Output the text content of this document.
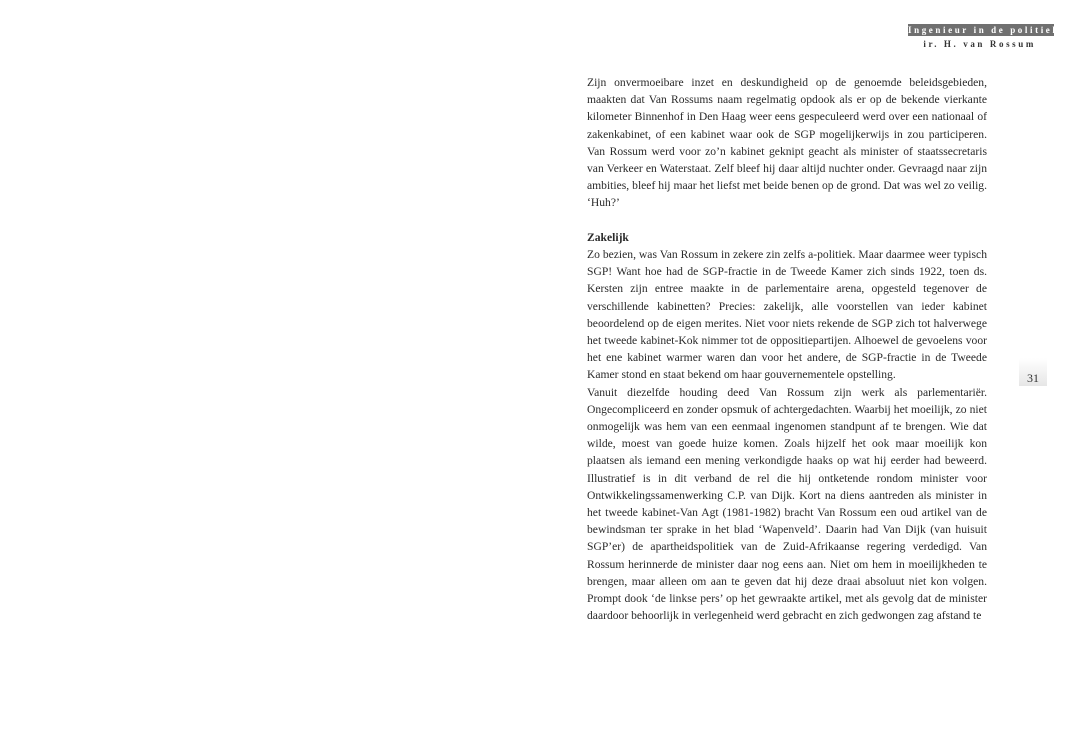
Ingenieur in de politiek
ir. H. van Rossum
31

Zijn onvermoeibare inzet en deskundigheid op de genoemde beleidsgebieden, maakten dat Van Rossums naam regelmatig opdook als er op de bekende vierkante kilometer Binnenhof in Den Haag weer eens gespeculeerd werd over een nationaal of zakenkabinet, of een kabinet waar ook de SGP mogelijkerwijs in zou participeren. Van Rossum werd voor zo’n kabinet geknipt geacht als minister of staatssecretaris van Verkeer en Waterstaat. Zelf bleef hij daar altijd nuchter onder. Gevraagd naar zijn ambities, bleef hij maar het liefst met beide benen op de grond. Dat was wel zo veilig. ‘Huh?’

Zakelijk

Zo bezien, was Van Rossum in zekere zin zelfs a-politiek. Maar daarmee weer typisch SGP! Want hoe had de SGP-fractie in de Tweede Kamer zich sinds 1922, toen ds. Kersten zijn entree maakte in de parlementaire arena, opgesteld tegenover de verschillende kabinetten? Precies: zakelijk, alle voorstellen van ieder kabinet beoordelend op de eigen merites. Niet voor niets rekende de SGP zich tot halverwege het tweede kabinet-Kok nimmer tot de oppositiepartijen. Alhoewel de gevoelens voor het ene kabinet warmer waren dan voor het andere, de SGP-fractie in de Tweede Kamer stond en staat bekend om haar gouvernementele opstelling.

Vanuit diezelfde houding deed Van Rossum zijn werk als parlementariër. Ongecompliceerd en zonder opsmuk of achtergedachten. Waarbij het moeilijk, zo niet onmogelijk was hem van een eenmaal ingenomen standpunt af te brengen. Wie dat wilde, moest van goede huize komen. Zoals hijzelf het ook maar moeilijk kon plaatsen als iemand een mening verkondigde haaks op wat hij eerder had beweerd. Illustratief is in dit verband de rel die hij ontketende rondom minister voor Ontwikkelingssamenwerking C.P. van Dijk. Kort na diens aantreden als minister in het tweede kabinet-Van Agt (1981-1982) bracht Van Rossum een oud artikel van de bewindsman ter sprake in het blad ‘Wapenveld’. Daarin had Van Dijk (van huisuit SGP’er) de apartheidspolitiek van de Zuid-Afrikaanse regering verdedigd. Van Rossum herinnerde de minister daar nog eens aan. Niet om hem in moeilijkheden te brengen, maar alleen om aan te geven dat hij deze draai absoluut niet kon volgen. Prompt dook ‘de linkse pers’ op het gewraakte artikel, met als gevolg dat de minister daardoor behoorlijk in verlegenheid werd gebracht en zich gedwongen zag afstand te
